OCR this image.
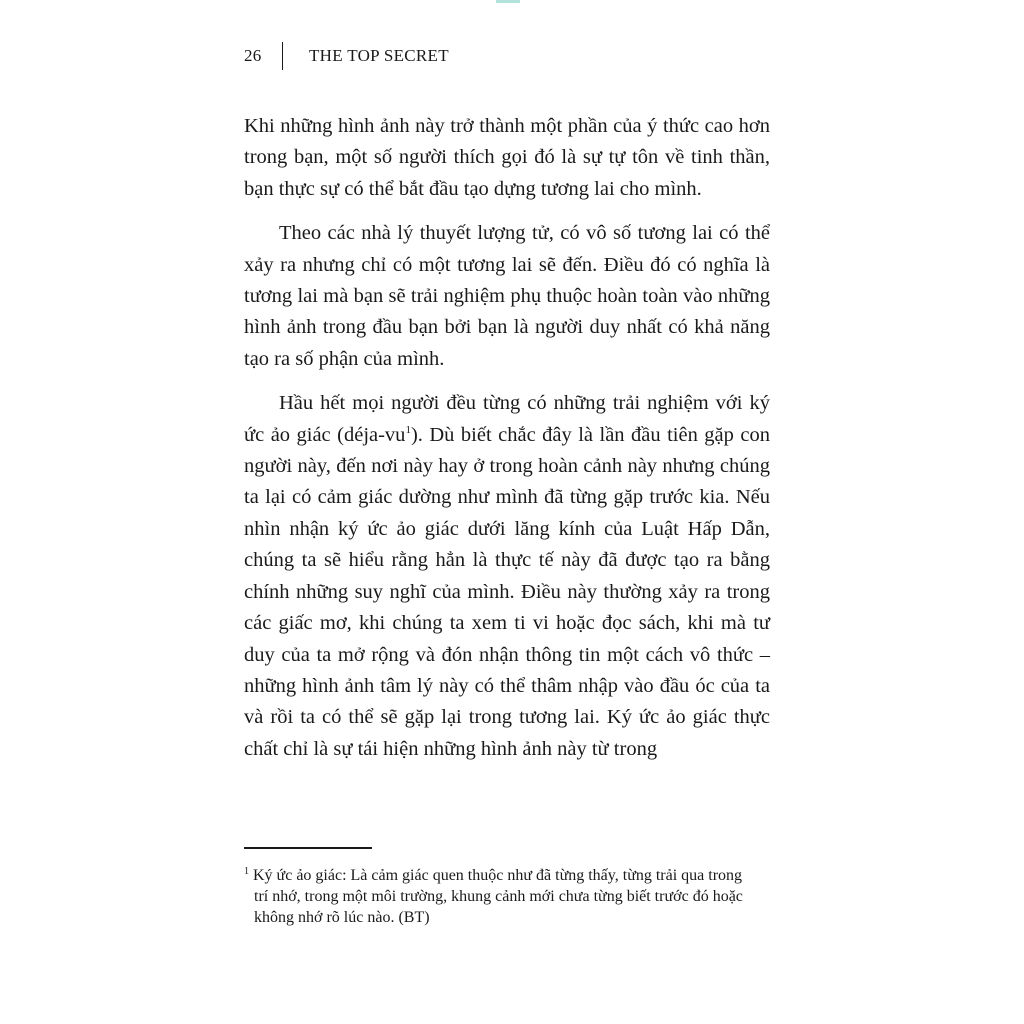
26	THE TOP SECRET

Khi những hình ảnh này trở thành một phần của ý thức cao hơn trong bạn, một số người thích gọi đó là sự tự tôn về tinh thần, bạn thực sự có thể bắt đầu tạo dựng tương lai cho mình.

Theo các nhà lý thuyết lượng tử, có vô số tương lai có thể xảy ra nhưng chỉ có một tương lai sẽ đến. Điều đó có nghĩa là tương lai mà bạn sẽ trải nghiệm phụ thuộc hoàn toàn vào những hình ảnh trong đầu bạn bởi bạn là người duy nhất có khả năng tạo ra số phận của mình.

Hầu hết mọi người đều từng có những trải nghiệm với ký ức ảo giác (déja-vu$^1$). Dù biết chắc đây là lần đầu tiên gặp con người này, đến nơi này hay ở trong hoàn cảnh này nhưng chúng ta lại có cảm giác dường như mình đã từng gặp trước kia. Nếu nhìn nhận ký ức ảo giác dưới lăng kính của Luật Hấp Dẫn, chúng ta sẽ hiểu rằng hẳn là thực tế này đã được tạo ra bằng chính những suy nghĩ của mình. Điều này thường xảy ra trong các giấc mơ, khi chúng ta xem ti vi hoặc đọc sách, khi mà tư duy của ta mở rộng và đón nhận thông tin một cách vô thức – những hình ảnh tâm lý này có thể thâm nhập vào đầu óc của ta và rồi ta có thể sẽ gặp lại trong tương lai. Ký ức ảo giác thực chất chỉ là sự tái hiện những hình ảnh này từ trong

$^1$ Ký ức ảo giác: Là cảm giác quen thuộc như đã từng thấy, từng trải qua trong
trí nhớ, trong một môi trường, khung cảnh mới chưa từng biết trước đó hoặc
không nhớ rõ lúc nào. (BT)
